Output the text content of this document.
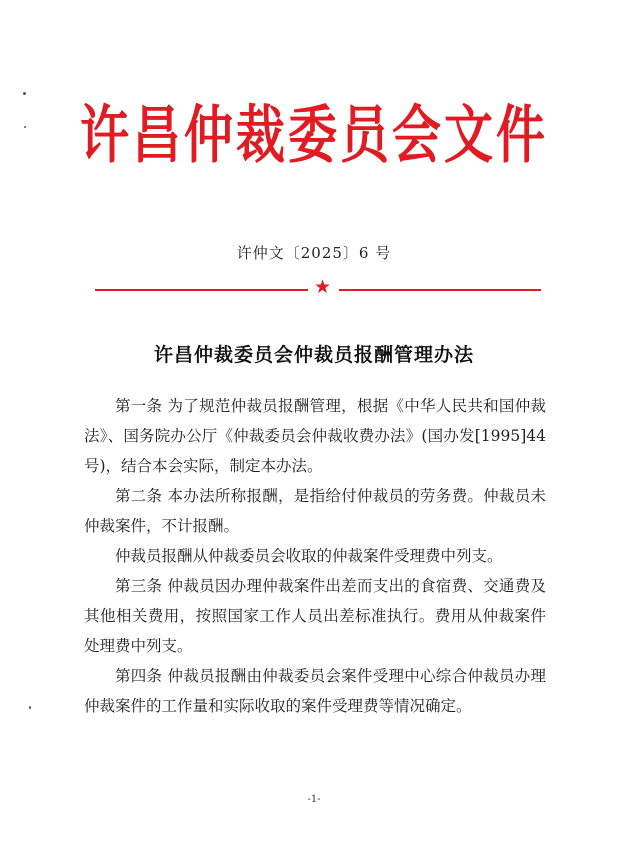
许昌仲裁委员会文件
许仲文〔2025〕6 号
★
许昌仲裁委员会仲裁员报酬管理办法

第一条 为了规范仲裁员报酬管理，根据《中华人民共和国仲裁法》、国务院办公厅《仲裁委员会仲裁收费办法》(国办发[1995]44 号)，结合本会实际，制定本办法。

第二条 本办法所称报酬，是指给付仲裁员的劳务费。仲裁员未仲裁案件，不计报酬。

仲裁员报酬从仲裁委员会收取的仲裁案件受理费中列支。

第三条 仲裁员因办理仲裁案件出差而支出的食宿费、交通费及其他相关费用，按照国家工作人员出差标准执行。费用从仲裁案件处理费中列支。

第四条 仲裁员报酬由仲裁委员会案件受理中心综合仲裁员办理仲裁案件的工作量和实际收取的案件受理费等情况确定。

-1-
